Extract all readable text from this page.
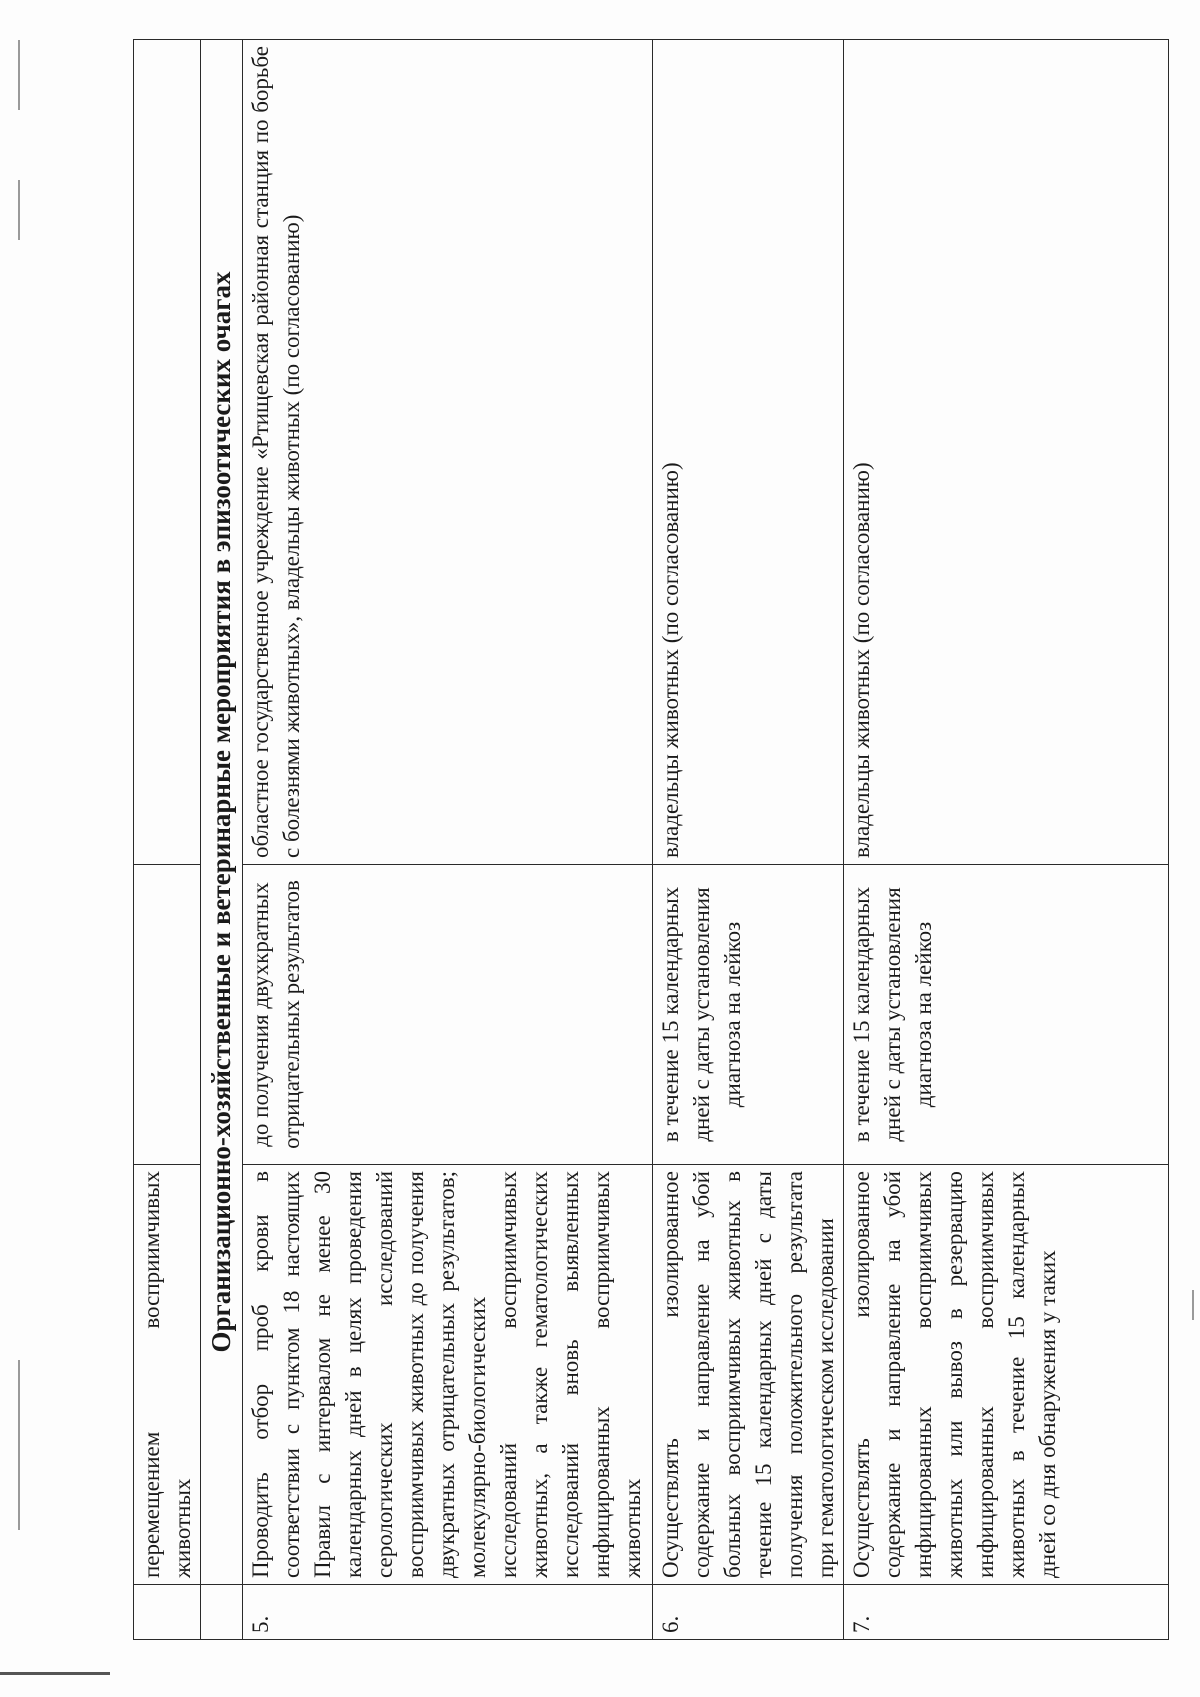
	перемещением восприимчивых животных		
	Организационно-хозяйственные и ветеринарные мероприятия в эпизоотических очагах		
5.	Проводить отбор проб крови в соответствии с пунктом 18 настоящих Правил с интервалом не менее 30 календарных дней в целях проведения серологических исследований восприимчивых животных до получения двукратных отрицательных результатов; молекулярно-биологических исследований восприимчивых животных, а также гематологических исследований вновь выявленных инфицированных восприимчивых животных	до получения двухкратных отрицательных результатов	областное государственное учреждение «Ртищевская районная станция по борьбе с болезнями животных», владельцы животных (по согласованию)
6.	Осуществлять изолированное содержание и направление на убой больных восприимчивых животных в течение 15 календарных дней с даты получения положительного результата при гематологическом исследовании	в течение 15 календарных дней с даты установления диагноза на лейкоз	владельцы животных (по согласованию)
7.	Осуществлять изолированное содержание и направление на убой инфицированных восприимчивых животных или вывоз в резервацию инфицированных восприимчивых животных в течение 15 календарных дней со дня обнаружения у таких	в течение 15 календарных дней с даты установления диагноза на лейкоз	владельцы животных (по согласованию)
